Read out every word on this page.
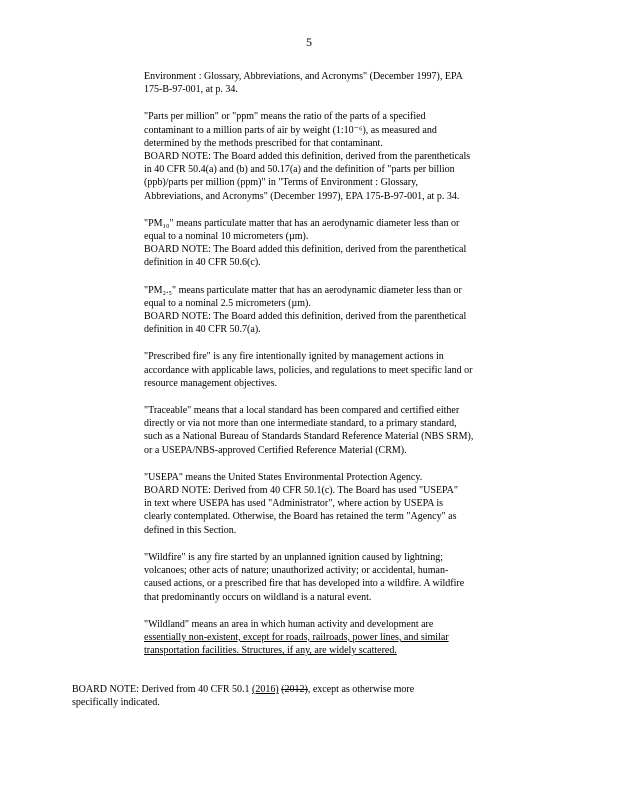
5
Environment : Glossary, Abbreviations, and Acronyms" (December 1997), EPA
175-B-97-001, at p. 34.
"Parts per million" or "ppm" means the ratio of the parts of a specified
contaminant to a million parts of air by weight (1:10⁻⁶), as measured and
determined by the methods prescribed for that contaminant.
BOARD NOTE: The Board added this definition, derived from the parentheticals
in 40 CFR 50.4(a) and (b) and 50.17(a) and the definition of "parts per billion
(ppb)/parts per million (ppm)" in "Terms of Environment : Glossary,
Abbreviations, and Acronyms" (December 1997), EPA 175-B-97-001, at p. 34.
"PM₁₀" means particulate matter that has an aerodynamic diameter less than or
equal to a nominal 10 micrometers (µm).
BOARD NOTE: The Board added this definition, derived from the parenthetical
definition in 40 CFR 50.6(c).
"PM₂.₅" means particulate matter that has an aerodynamic diameter less than or
equal to a nominal 2.5 micrometers (µm).
BOARD NOTE: The Board added this definition, derived from the parenthetical
definition in 40 CFR 50.7(a).
"Prescribed fire" is any fire intentionally ignited by management actions in
accordance with applicable laws, policies, and regulations to meet specific land or
resource management objectives.
"Traceable" means that a local standard has been compared and certified either
directly or via not more than one intermediate standard, to a primary standard,
such as a National Bureau of Standards Standard Reference Material (NBS SRM),
or a USEPA/NBS-approved Certified Reference Material (CRM).
"USEPA" means the United States Environmental Protection Agency.
BOARD NOTE: Derived from 40 CFR 50.1(c). The Board has used "USEPA"
in text where USEPA has used "Administrator", where action by USEPA is
clearly contemplated. Otherwise, the Board has retained the term "Agency" as
defined in this Section.
"Wildfire" is any fire started by an unplanned ignition caused by lightning;
volcanoes; other acts of nature; unauthorized activity; or accidental, human-
caused actions, or a prescribed fire that has developed into a wildfire. A wildfire
that predominantly occurs on wildland is a natural event.
"Wildland" means an area in which human activity and development are
essentially non-existent, except for roads, railroads, power lines, and similar
transportation facilities. Structures, if any, are widely scattered.

BOARD NOTE: Derived from 40 CFR 50.1 (2016) (2012), except as otherwise more
specifically indicated.
